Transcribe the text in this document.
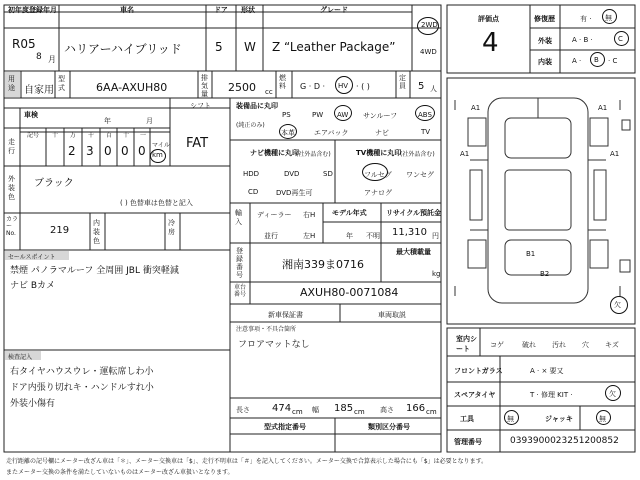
初年度登録年月	車名	ドア 形状	グレード
R05
8 月
ハリアーハイブリッド	5 W Z “Leather Package”
2WD
4WD
用途 自家用
型式	6AA-AXUH80
排気量 2500 cc
燃料	G · D · HV · ( )
定員	5 人
車検
年	月
シフト
FAT
走行
記号 十 万 千 百 十 一
2 3 0 0 0 マイル
km
外装色
ブラック
( ) 色替車は色替と記入
カラーNo.	219
内装色
冷房
セールスポイント
禁煙 パノラマルーフ 全周囲 JBL 衝突軽減
ナビ Bカメ
検査記入
右タイヤハウスウレ・運転席しわ小
ドア内張り切れキ・ハンドルすれ小
外装小傷有
装備品に丸印
(純正のみ)
PS	PW AW サンルーフ	ABS
本革	エアバック	ナビ	TV
ナビ機種に丸印
(社外品含む)
HDD	DVD	SD
CD	DVD再生可
TV機種に丸印
(社外品含む)
フルセグ ワンセグ
アナログ
輸入
ディーラー
並行
右H
左H
モデル年式
年 不明
リサイクル預託金
11,310 円
最大積載量
kg
登録番号
湘南339ま0716
車台番号	AXUH80-0071084
新車保証書	車両取説
注意事項・不具合箇所
フロアマットなし
長さ 474 cm 幅 185 cm 高さ 166 cm
型式指定番号	類別区分番号
評価点
4
修復歴	有 · 無
外装	A · B ·	C
内装	A · B · C
A1	A1
A1	A1
B1
B2
欠
室内シート	コゲ	破れ 汚れ 穴 キズ
フロントガラス	A · × 要又
スペアタイヤ	T · 修理 KIT ·	欠
工具	無	ジャッキ	無
管理番号	0393900023251200852
走行距離の記号欄にメーター改ざん車は「＊」、メーター交換車は「$」、走行不明車は「＃」を記入してください。メーター交換で合算表示した場合にも「$」は必要となります。
またメーター交換の条件を満たしていないものはメーター改ざん車扱いとなります。
